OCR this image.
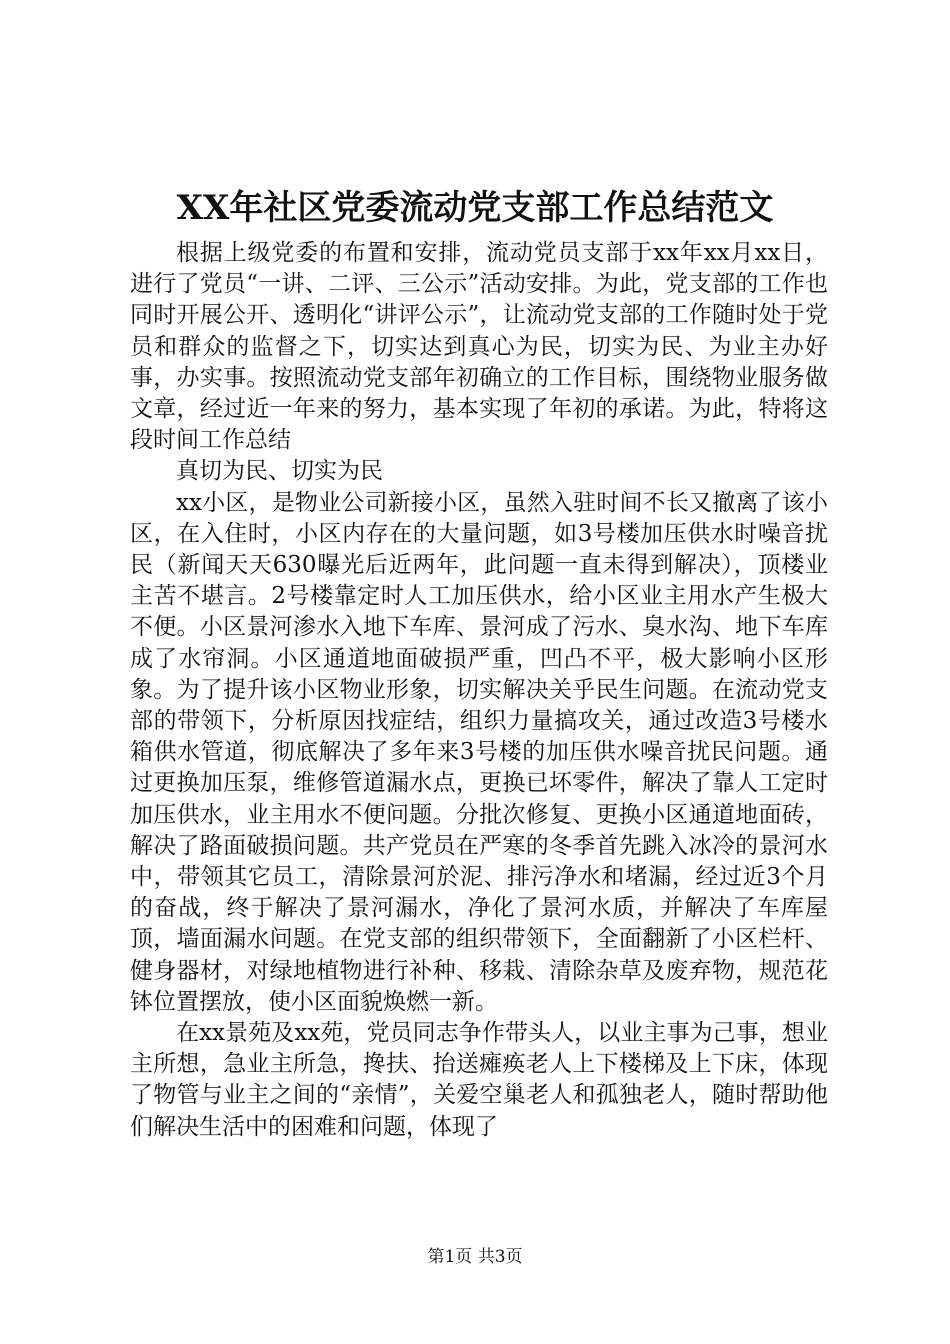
XX年社区党委流动党支部工作总结范文

根据上级党委的布置和安排，流动党员支部于xx年xx月xx日，进行了党员“一讲、二评、三公示”活动安排。为此，党支部的工作也同时开展公开、透明化“讲评公示”，让流动党支部的工作随时处于党员和群众的监督之下，切实达到真心为民，切实为民、为业主办好事，办实事。按照流动党支部年初确立的工作目标，围绕物业服务做文章，经过近一年来的努力，基本实现了年初的承诺。为此，特将这段时间工作总结

真切为民、切实为民

xx小区，是物业公司新接小区，虽然入驻时间不长又撤离了该小区，在入住时，小区内存在的大量问题，如3号楼加压供水时噪音扰民（新闻天天630曝光后近两年，此问题一直未得到解决），顶楼业主苦不堪言。2号楼靠定时人工加压供水，给小区业主用水产生极大不便。小区景河渗水入地下车库、景河成了污水、臭水沟、地下车库成了水帘洞。小区通道地面破损严重，凹凸不平，极大影响小区形象。为了提升该小区物业形象，切实解决关乎民生问题。在流动党支部的带领下，分析原因找症结，组织力量搞攻关，通过改造3号楼水箱供水管道，彻底解决了多年来3号楼的加压供水噪音扰民问题。通过更换加压泵，维修管道漏水点，更换已坏零件，解决了靠人工定时加压供水，业主用水不便问题。分批次修复、更换小区通道地面砖，解决了路面破损问题。共产党员在严寒的冬季首先跳入冰冷的景河水中，带领其它员工，清除景河於泥、排污净水和堵漏，经过近3个月的奋战，终于解决了景河漏水，净化了景河水质，并解决了车库屋顶，墙面漏水问题。在党支部的组织带领下，全面翻新了小区栏杆、健身器材，对绿地植物进行补种、移栽、清除杂草及废弃物，规范花钵位置摆放，使小区面貌焕燃一新。

在xx景苑及xx苑，党员同志争作带头人，以业主事为己事，想业主所想，急业主所急，搀扶、抬送瘫痪老人上下楼梯及上下床，体现了物管与业主之间的“亲情”，关爱空巢老人和孤独老人，随时帮助他们解决生活中的困难和问题，体现了

第1页 共3页
